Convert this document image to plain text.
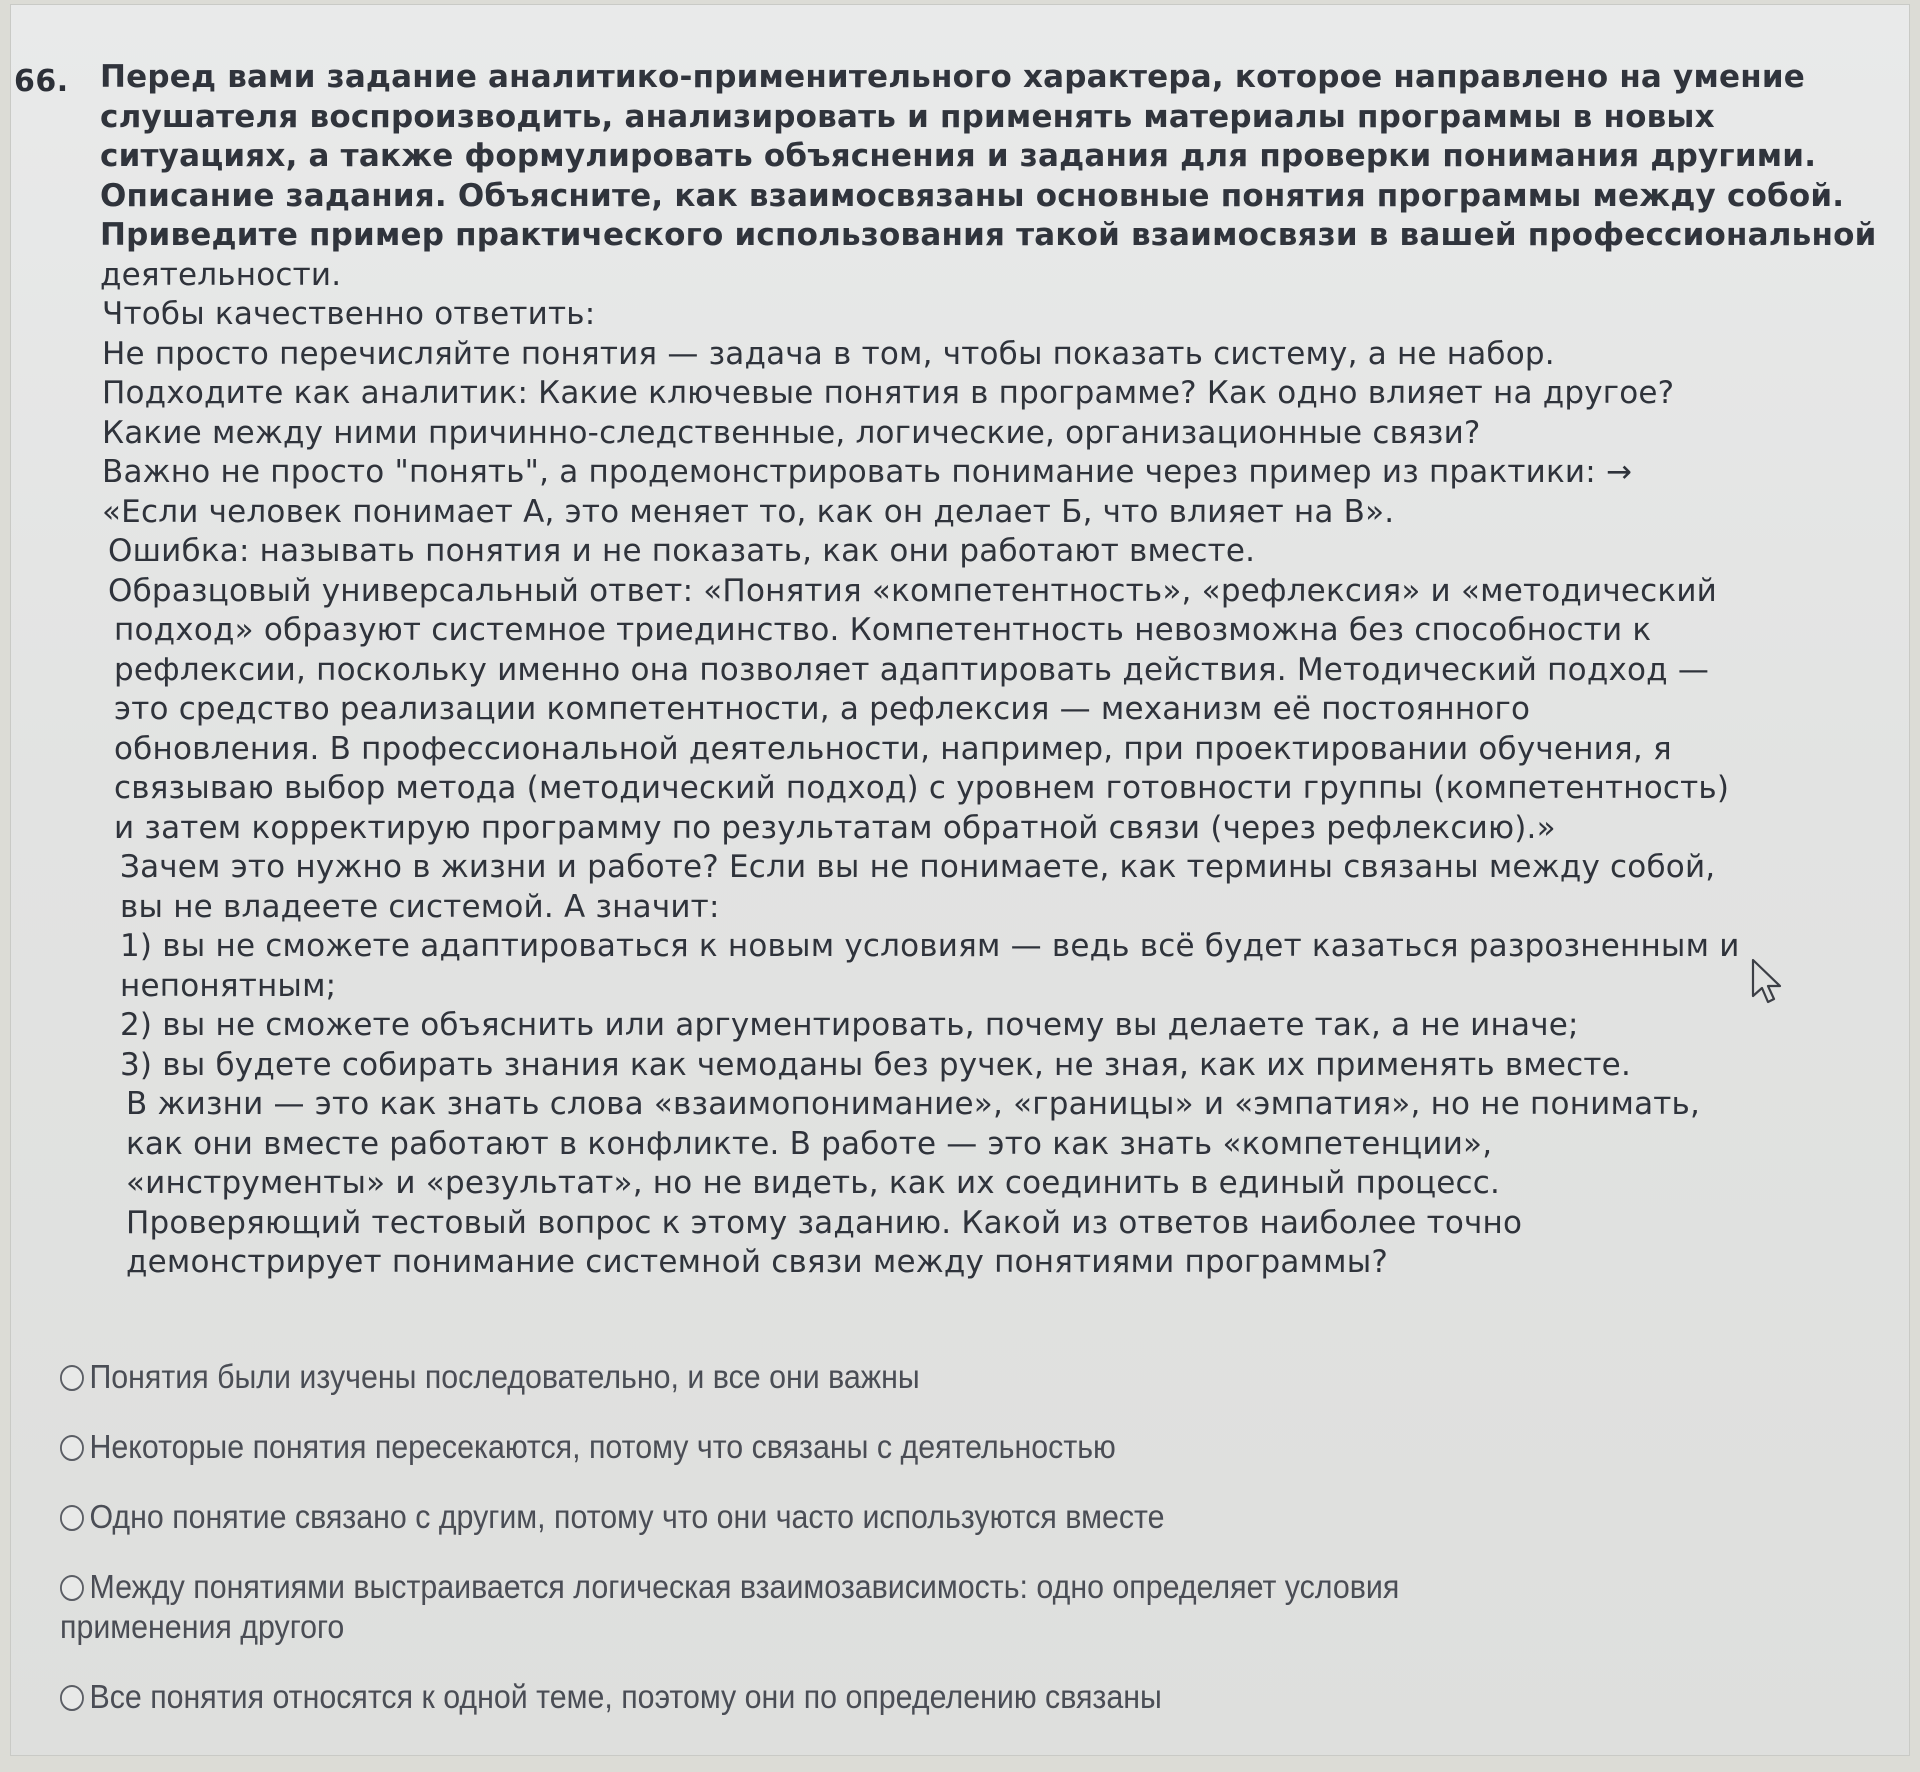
66. Перед вами задание аналитико-применительного характера, которое направлено на умение
слушателя воспроизводить, анализировать и применять материалы программы в новых
ситуациях, а также формулировать объяснения и задания для проверки понимания другими.
Описание задания. Объясните, как взаимосвязаны основные понятия программы между собой.
Приведите пример практического использования такой взаимосвязи в вашей профессиональной
деятельности.
Чтобы качественно ответить:
Не просто перечисляйте понятия — задача в том, чтобы показать систему, а не набор.
Подходите как аналитик: Какие ключевые понятия в программе? Как одно влияет на другое?
Какие между ними причинно-следственные, логические, организационные связи?
Важно не просто "понять", а продемонстрировать понимание через пример из практики: →
«Если человек понимает А, это меняет то, как он делает Б, что влияет на В».
Ошибка: называть понятия и не показать, как они работают вместе.
Образцовый универсальный ответ: «Понятия «компетентность», «рефлексия» и «методический
подход» образуют системное триединство. Компетентность невозможна без способности к
рефлексии, поскольку именно она позволяет адаптировать действия. Методический подход —
это средство реализации компетентности, а рефлексия — механизм её постоянного
обновления. В профессиональной деятельности, например, при проектировании обучения, я
связываю выбор метода (методический подход) с уровнем готовности группы (компетентность)
и затем корректирую программу по результатам обратной связи (через рефлексию).»
Зачем это нужно в жизни и работе? Если вы не понимаете, как термины связаны между собой,
вы не владеете системой. А значит:
1) вы не сможете адаптироваться к новым условиям — ведь всё будет казаться разрозненным и
непонятным;
2) вы не сможете объяснить или аргументировать, почему вы делаете так, а не иначе;
3) вы будете собирать знания как чемоданы без ручек, не зная, как их применять вместе.
В жизни — это как знать слова «взаимопонимание», «границы» и «эмпатия», но не понимать,
как они вместе работают в конфликте. В работе — это как знать «компетенции»,
«инструменты» и «результат», но не видеть, как их соединить в единый процесс.
Проверяющий тестовый вопрос к этому заданию. Какой из ответов наиболее точно
демонстрирует понимание системной связи между понятиями программы?
Понятия были изучены последовательно, и все они важны
Некоторые понятия пересекаются, потому что связаны с деятельностью
Одно понятие связано с другим, потому что они часто используются вместе
Между понятиями выстраивается логическая взаимозависимость: одно определяет условия
применения другого
Все понятия относятся к одной теме, поэтому они по определению связаны
